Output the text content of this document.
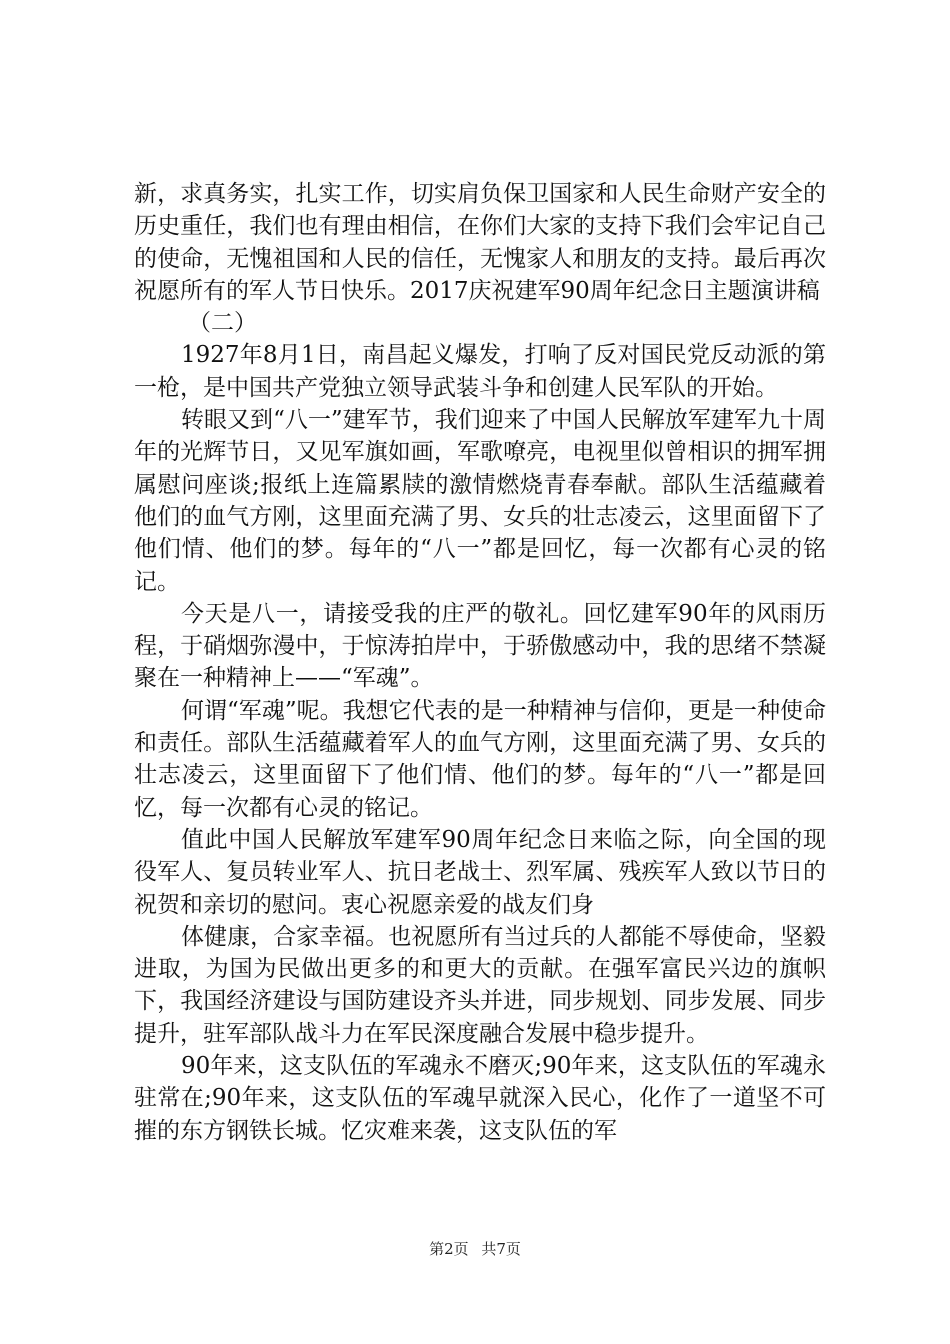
新，求真务实，扎实工作，切实肩负保卫国家和人民生命财产安全的历史重任，我们也有理由相信，在你们大家的支持下我们会牢记自己的使命，无愧祖国和人民的信任，无愧家人和朋友的支持。最后再次祝愿所有的军人节日快乐。2017庆祝建军90周年纪念日主题演讲稿

（二）

1927年8月1日，南昌起义爆发，打响了反对国民党反动派的第一枪，是中国共产党独立领导武装斗争和创建人民军队的开始。

转眼又到“八一”建军节，我们迎来了中国人民解放军建军九十周年的光辉节日，又见军旗如画，军歌嘹亮，电视里似曾相识的拥军拥属慰问座谈;报纸上连篇累牍的激情燃烧青春奉献。部队生活蕴藏着他们的血气方刚，这里面充满了男、女兵的壮志凌云，这里面留下了他们情、他们的梦。每年的“八一”都是回忆，每一次都有心灵的铭记。

今天是八一，请接受我的庄严的敬礼。回忆建军90年的风雨历程，于硝烟弥漫中，于惊涛拍岸中，于骄傲感动中，我的思绪不禁凝聚在一种精神上——“军魂”。

何谓“军魂”呢。我想它代表的是一种精神与信仰，更是一种使命和责任。部队生活蕴藏着军人的血气方刚，这里面充满了男、女兵的壮志凌云，这里面留下了他们情、他们的梦。每年的“八一”都是回忆，每一次都有心灵的铭记。

值此中国人民解放军建军90周年纪念日来临之际，向全国的现役军人、复员转业军人、抗日老战士、烈军属、残疾军人致以节日的祝贺和亲切的慰问。衷心祝愿亲爱的战友们身

体健康，合家幸福。也祝愿所有当过兵的人都能不辱使命，坚毅进取，为国为民做出更多的和更大的贡献。在强军富民兴边的旗帜下，我国经济建设与国防建设齐头并进，同步规划、同步发展、同步提升，驻军部队战斗力在军民深度融合发展中稳步提升。

90年来，这支队伍的军魂永不磨灭;90年来，这支队伍的军魂永驻常在;90年来，这支队伍的军魂早就深入民心，化作了一道坚不可摧的东方钢铁长城。忆灾难来袭，这支队伍的军

第2页 共7页
